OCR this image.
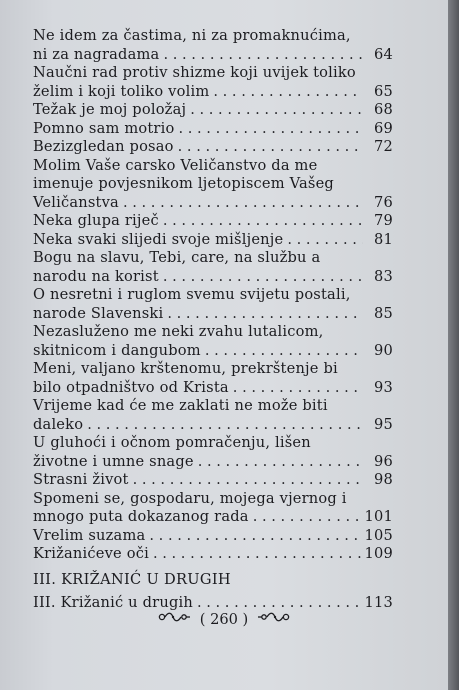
Ne idem za častima, ni za promaknućima,
ni za nagradama . . .	64
Naučni rad protiv shizme koji uvijek toliko
želim i koji toliko volim . . .	65
Težak je moj položaj . . .	68
Pomno sam motrio . . .	69
Bezizgledan posao . . .	72
Molim Vaše carsko Veličanstvo da me
imenuje povjesnikom ljetopiscem Vašeg
Veličanstva . . .	76
Neka glupa riječ . . .	79
Neka svaki slijedi svoje mišljenje . . .	81
Bogu na slavu, Tebi, care, na službu a
narodu na korist . . .	83
O nesretni i ruglom svemu svijetu postali,
narode Slavenski . . .	85
Nezasluženo me neki zvahu lutalicom,
skitnicom i dangubom . . .	90
Meni, valjano krštenomu, prekrštenje bi
bilo otpadništvo od Krista . . .	93
Vrijeme kad će me zaklati ne može biti
daleko . . .	95
U gluhoći i očnom pomračenju, lišen
životne i umne snage . . .	96
Strasni život . . .	98
Spomeni se, gospodaru, mojega vjernog i
mnogo puta dokazanog rada . . .	101
Vrelim suzama . . .	105
Križanićeve oči . . .	109
III. KRIŽANIĆ U DRUGIH
III. Križanić u drugih . . .	113
( 260 )
